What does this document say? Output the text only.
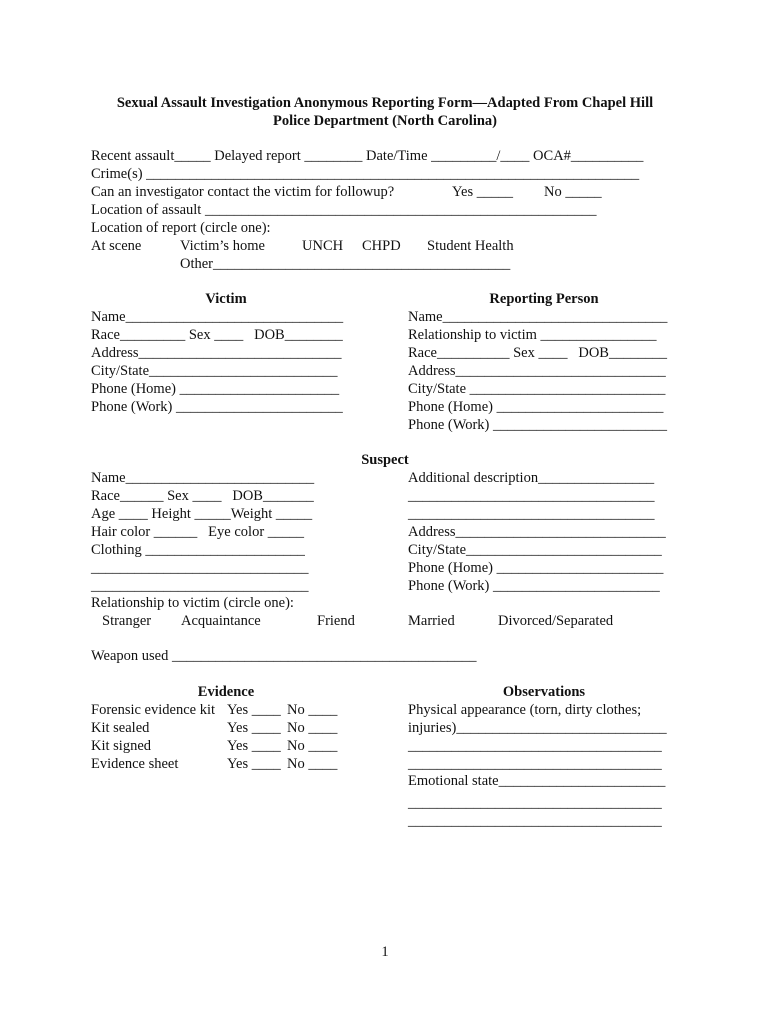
Sexual Assault Investigation Anonymous Reporting Form—Adapted From Chapel Hill
Police Department (North Carolina)
Recent assault_____ Delayed report ________ Date/Time _________/____ OCA#__________
Crime(s) ____________________________________________________________________
Can an investigator contact the victim for followup?	Yes _____ No _____
Location of assault ______________________________________________________
Location of report (circle one):
At scene	Victim’s home	UNCH CHPD Student Health
Other_________________________________________
Victim
Name______________________________
Race_________ Sex ____   DOB________
Address____________________________
City/State__________________________
Phone (Home) ______________________
Phone (Work) _______________________
Reporting Person
Name_______________________________
Relationship to victim ________________
Race__________ Sex ____   DOB________
Address_____________________________
City/State ___________________________
Phone (Home) _______________________
Phone (Work) ________________________
Suspect
Name__________________________
Race______ Sex ____   DOB_______
Age ____ Height _____Weight _____
Hair color ______   Eye color _____
Clothing ______________________
______________________________
______________________________
Relationship to victim (circle one):
Stranger Acquaintance	Friend	Married	Divorced/Separated
Additional description________________
__________________________________
__________________________________
Address_____________________________
City/State___________________________
Phone (Home) _______________________
Phone (Work) _______________________
Weapon used __________________________________________
Evidence
Forensic evidence kit Yes ____ No ____
Kit sealed	Yes ____ No ____
Kit signed	Yes ____ No ____
Evidence sheet	Yes ____ No ____
Observations
Physical appearance (torn, dirty clothes;
injuries)_____________________________
___________________________________
___________________________________
Emotional state_______________________
___________________________________
___________________________________
1
